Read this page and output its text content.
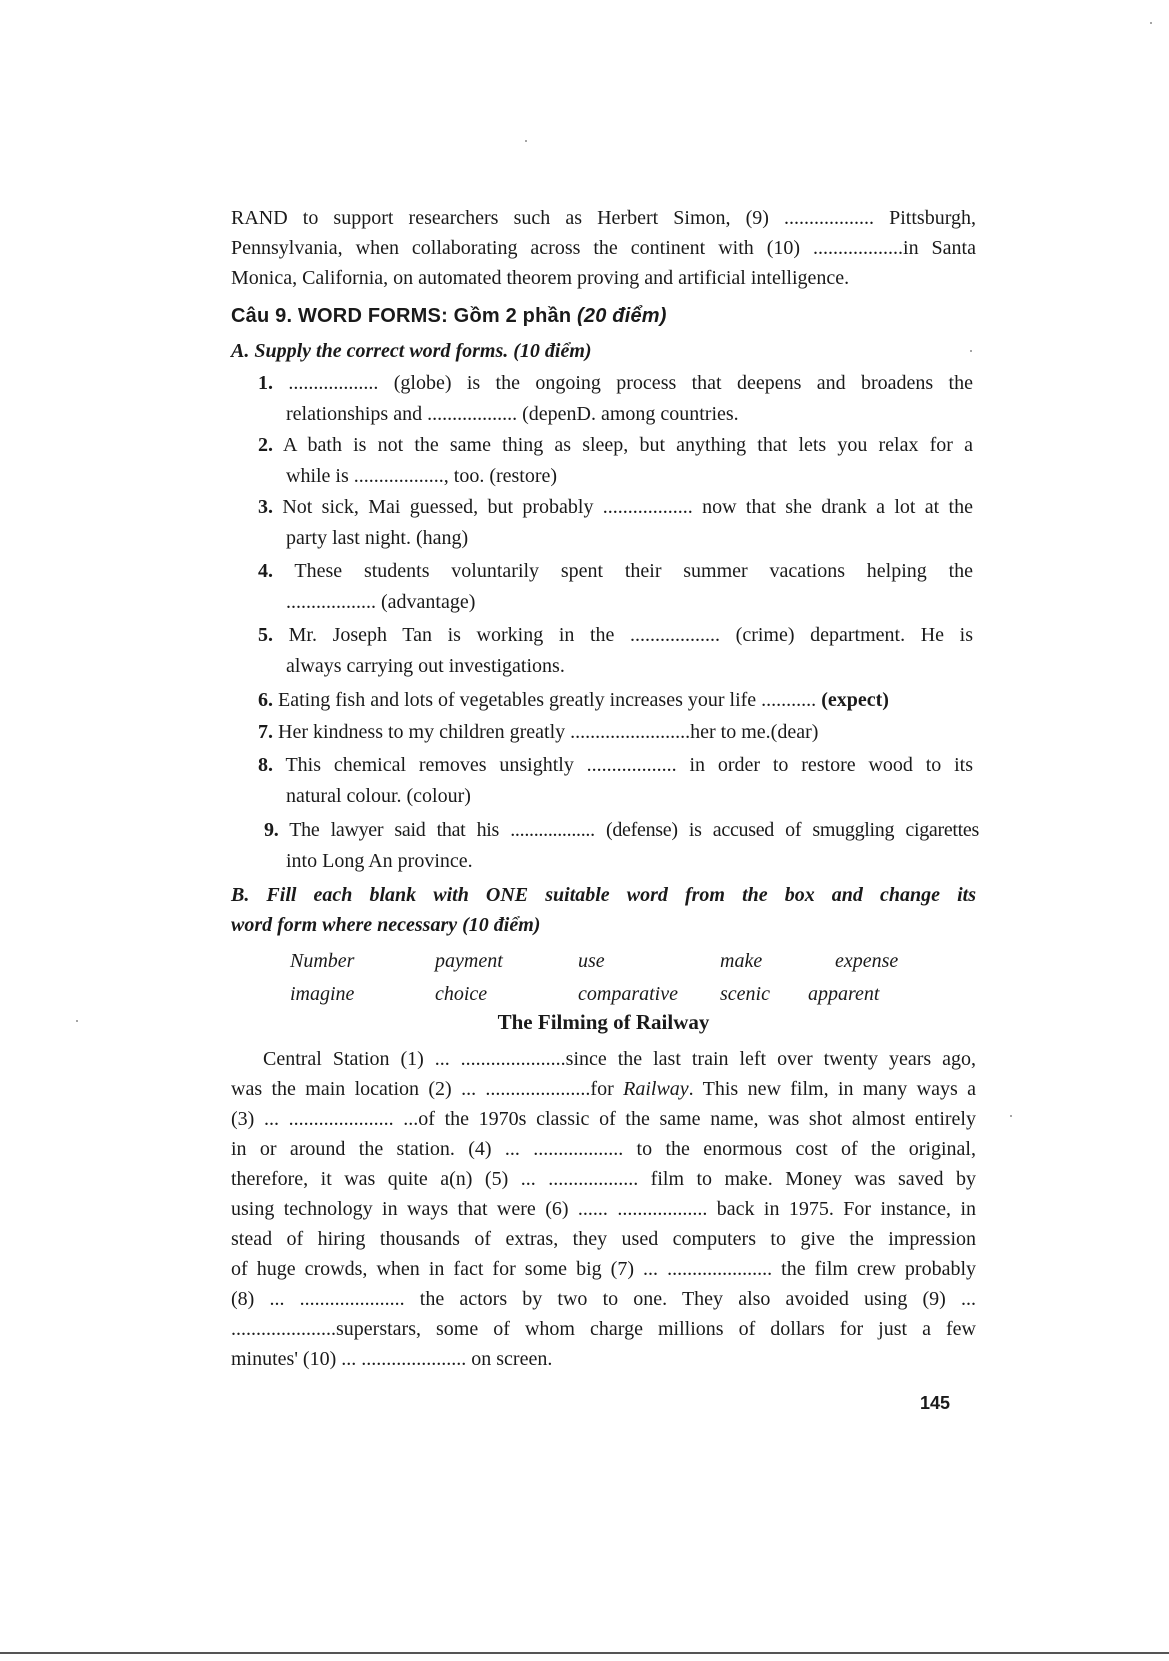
RAND to support researchers such as Herbert Simon, (9) .................. Pittsburgh,
Pennsylvania, when collaborating across the continent with (10) ..................in Santa
Monica, California, on automated theorem proving and artificial intelligence.
Câu 9. WORD FORMS: Gồm 2 phần (20 điểm)
A. Supply the correct word forms. (10 điểm)
1. .................. (globe) is the ongoing process that deepens and broadens the
relationships and .................. (depenD. among countries.
2. A bath is not the same thing as sleep, but anything that lets you relax for a
while is .................., too. (restore)
3. Not sick, Mai guessed, but probably .................. now that she drank a lot at the
party last night. (hang)
4. These students voluntarily spent their summer vacations helping the
.................. (advantage)
5. Mr. Joseph Tan is working in the .................. (crime) department. He is
always carrying out investigations.
6. Eating fish and lots of vegetables greatly increases your life ........... (expect)
7. Her kindness to my children greatly ........................her to me.(dear)
8. This chemical removes unsightly .................. in order to restore wood to its
natural colour. (colour)
9. The lawyer said that his .................. (defense) is accused of smuggling cigarettes
into Long An province.
B. Fill each blank with ONE suitable word from the box and change its
word form where necessary (10 điểm)
Number	payment	use	make	expense
imagine	choice	comparative scenic apparent
The Filming of Railway
Central Station (1) ... .....................since the last train left over twenty years ago,
was the main location (2) ... .....................for Railway. This new film, in many ways a
(3) ... ..................... ...of the 1970s classic of the same name, was shot almost entirely
in or around the station. (4) ... .................. to the enormous cost of the original,
therefore, it was quite a(n) (5) ... .................. film to make. Money was saved by
using technology in ways that were (6) ...... .................. back in 1975. For instance, in
stead of hiring thousands of extras, they used computers to give the impression
of huge crowds, when in fact for some big (7) ... ..................... the film crew probably
(8) ... ..................... the actors by two to one. They also avoided using (9) ...
.....................superstars, some of whom charge millions of dollars for just a few
minutes' (10) ... ..................... on screen.
145
